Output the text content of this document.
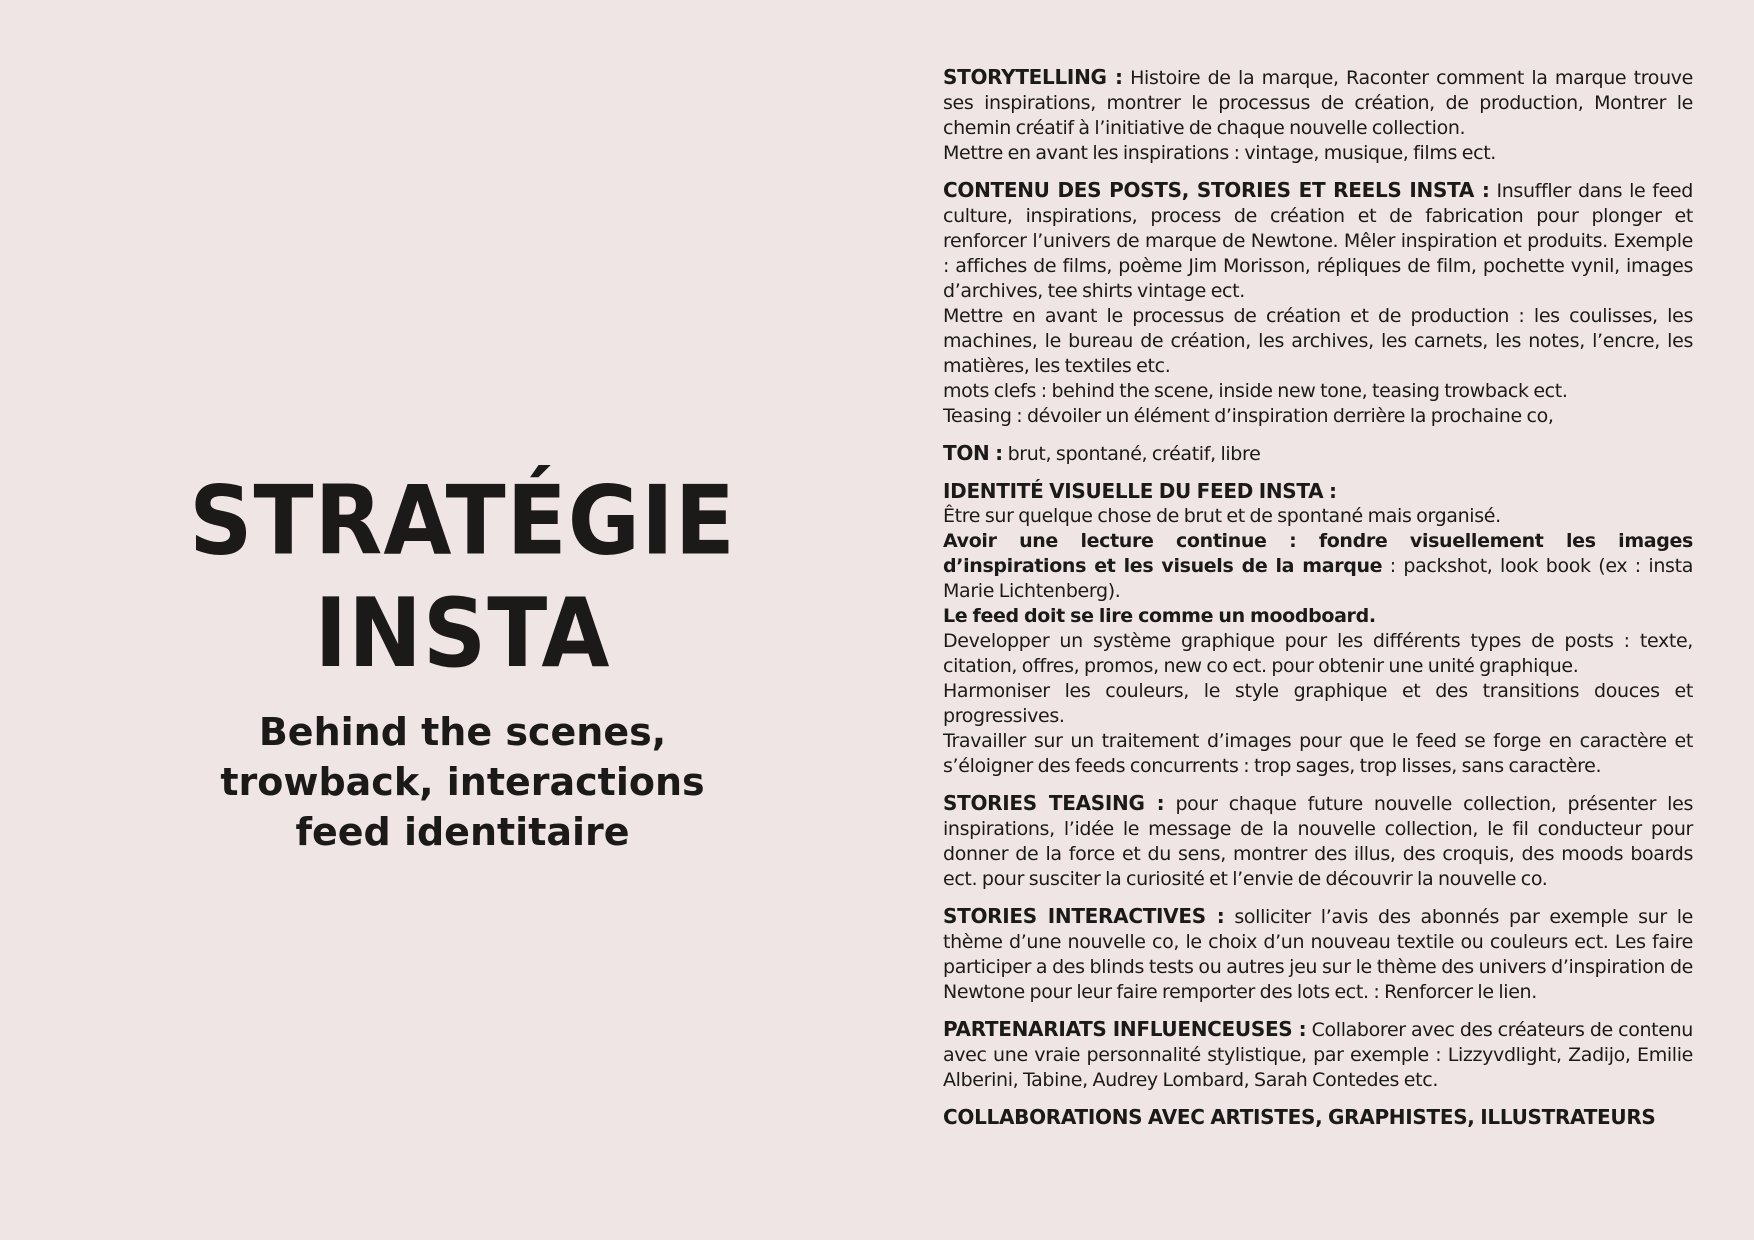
STRATÉGIE
INSTA
Behind the scenes,
trowback, interactions
feed identitaire
STORYTELLING : Histoire de la marque, Raconter comment la marque trouve ses inspirations, montrer le processus de création, de production, Montrer le chemin créatif à l’initiative de chaque nouvelle collection.
Mettre en avant les inspirations : vintage, musique, films ect.
CONTENU DES POSTS, STORIES ET REELS INSTA : Insuffler dans le feed culture, inspirations, process de création et de fabrication pour plonger et renforcer l’univers de marque de Newtone. Mêler inspiration et produits. Exemple : affiches de films, poème Jim Morisson, répliques de film, pochette vynil, images d’archives, tee shirts vintage ect.
Mettre en avant le processus de création et de production : les coulisses, les machines, le bureau de création, les archives, les carnets, les notes, l’encre, les matières, les textiles etc.
mots clefs : behind the scene, inside new tone, teasing trowback ect.
Teasing : dévoiler un élément d’inspiration derrière la prochaine co,
TON : brut, spontané, créatif, libre
IDENTITÉ VISUELLE DU FEED INSTA :
Être sur quelque chose de brut et de spontané mais organisé.
Avoir une lecture continue : fondre visuellement les images d’inspirations et les visuels de la marque : packshot, look book (ex : insta Marie Lichtenberg).
Le feed doit se lire comme un moodboard.
Developper un système graphique pour les différents types de posts : texte, citation, offres, promos, new co ect. pour obtenir une unité graphique.
Harmoniser les couleurs, le style graphique et des transitions douces et progressives.
Travailler sur un traitement d’images pour que le feed se forge en caractère et s’éloigner des feeds concurrents : trop sages, trop lisses, sans caractère.
STORIES TEASING : pour chaque future nouvelle collection, présenter les inspirations, l’idée le message de la nouvelle collection, le fil conducteur pour donner de la force et du sens, montrer des illus, des croquis, des moods boards ect. pour susciter la curiosité et l’envie de découvrir la nouvelle co.
STORIES INTERACTIVES : solliciter l’avis des abonnés par exemple sur le thème d’une nouvelle co, le choix d’un nouveau textile ou couleurs ect. Les faire participer a des blinds tests ou autres jeu sur le thème des univers d’inspiration de Newtone pour leur faire remporter des lots ect. : Renforcer le lien.
PARTENARIATS INFLUENCEUSES : Collaborer avec des créateurs de contenu avec une vraie personnalité stylistique, par exemple : Lizzyvdlight, Zadijo, Emilie Alberini, Tabine, Audrey Lombard, Sarah Contedes etc.
COLLABORATIONS AVEC ARTISTES, GRAPHISTES, ILLUSTRATEURS
